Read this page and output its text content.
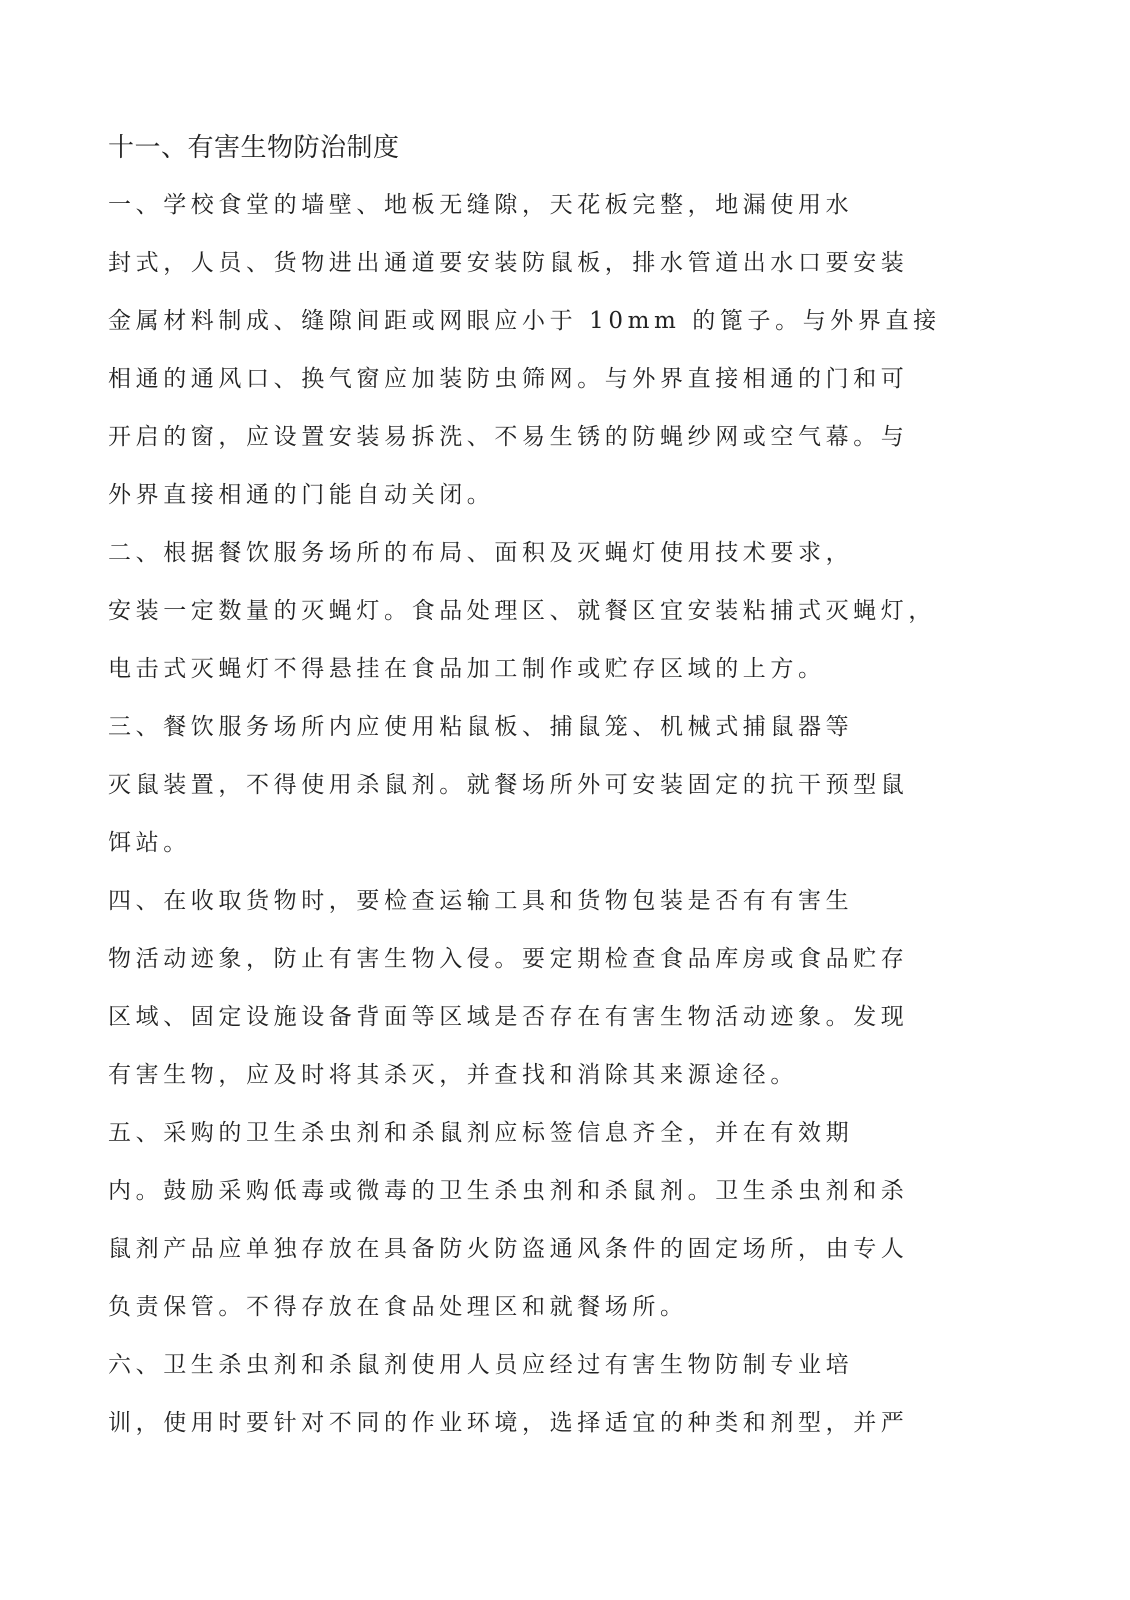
十一、有害生物防治制度
一、学校食堂的墙壁、地板无缝隙，天花板完整，地漏使用水
封式，人员、货物进出通道要安装防鼠板，排水管道出水口要安装
金属材料制成、缝隙间距或网眼应小于 10mm 的篦子。与外界直接
相通的通风口、换气窗应加装防虫筛网。与外界直接相通的门和可
开启的窗，应设置安装易拆洗、不易生锈的防蝇纱网或空气幕。与
外界直接相通的门能自动关闭。
二、根据餐饮服务场所的布局、面积及灭蝇灯使用技术要求，
安装一定数量的灭蝇灯。食品处理区、就餐区宜安装粘捕式灭蝇灯，
电击式灭蝇灯不得悬挂在食品加工制作或贮存区域的上方。
三、餐饮服务场所内应使用粘鼠板、捕鼠笼、机械式捕鼠器等
灭鼠装置，不得使用杀鼠剂。就餐场所外可安装固定的抗干预型鼠
饵站。
四、在收取货物时，要检查运输工具和货物包装是否有有害生
物活动迹象，防止有害生物入侵。要定期检查食品库房或食品贮存
区域、固定设施设备背面等区域是否存在有害生物活动迹象。发现
有害生物，应及时将其杀灭，并查找和消除其来源途径。
五、采购的卫生杀虫剂和杀鼠剂应标签信息齐全，并在有效期
内。鼓励采购低毒或微毒的卫生杀虫剂和杀鼠剂。卫生杀虫剂和杀
鼠剂产品应单独存放在具备防火防盗通风条件的固定场所，由专人
负责保管。不得存放在食品处理区和就餐场所。
六、卫生杀虫剂和杀鼠剂使用人员应经过有害生物防制专业培
训，使用时要针对不同的作业环境，选择适宜的种类和剂型，并严
